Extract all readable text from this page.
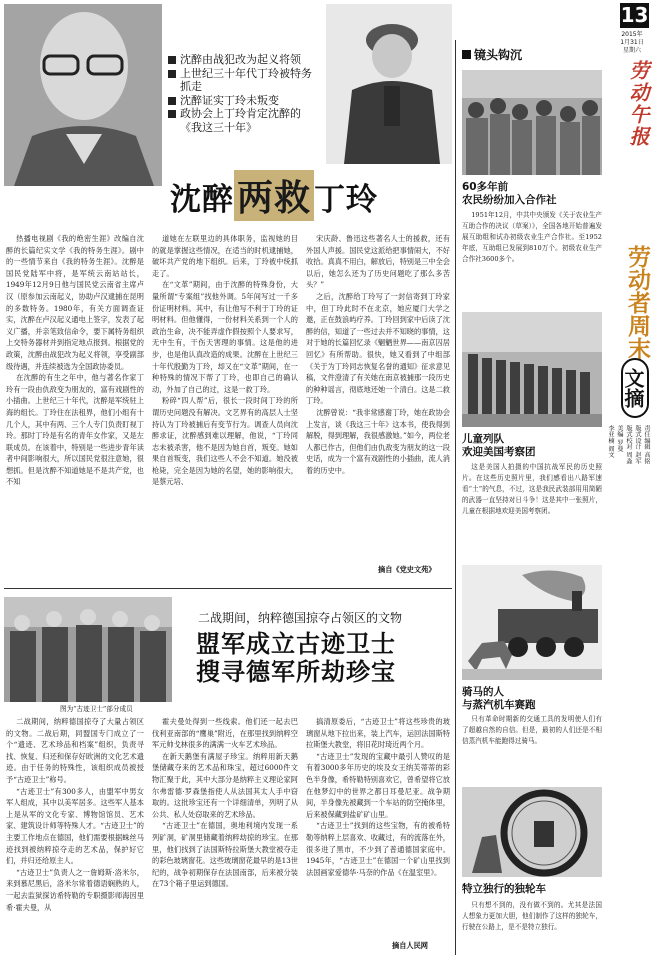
13
2015年
1月31日
星期六
劳动午报
劳动者周末
文摘
责任编辑 高铭
版式设计 赵军
版式校对 周淼
美编 罗曼
李亚楠 阎文
沈醉由战犯改为起义将领
上世纪三十年代丁玲被特务抓走
沈醉证实丁玲未叛变
政协会上丁玲肯定沈醉的《我这三十年》
沈醉两救丁玲

热播电视剧《我的绝密生涯》改编自沈醉的长篇纪实文学《我的特务生涯》。剧中的一些情节来自《我的特务生涯》。沈醉是国民党陆军中将，是军统云南站站长，1949年12月9日他与国民党云南省主席卢汉（原参加云南起义，协助卢汉逮捕在昆明的多数特务。1980年，有关方面调查证实，沈醉在卢汉起义通电上签字，发表了起义广播，并亲笔致信命令，要下属特务组织上交特务器材并到指定地点报到。根据党的政策，沈醉由战犯改为起义将领，享受副部级待遇，并连续被选为全国政协委员。

在沈醉的有生之年中，他与著名作家丁玲有一段由仇敌变为朋友的，富有戏剧性的小插曲。上世纪三十年代，沈醉是军统驻上海的组长。丁玲住在法租界，他们小组有十几个人，其中有两、三个人专门负责盯视丁玲。那时丁玲是有名的青年女作家，又是左联成员。在该着中，特别是一些进步青年读者中间影响很大，所以国民党很注意她，很想抓。但是沈醉不知道她是不是共产党，也不知

道她在左联里边的具体职务，监视她的目的就是掌握这些情况，在适当的时机逮捕她，破坏共产党的地下组织。后来，丁玲被中统抓走了。

在“文革”期间，由于沈醉的特殊身份，大量所谓“专案组”找他外调。5年间写过一千多份证明材料。其中，有让他写不利于丁玲的证明材料。但他懂得，一份材料关系到一个人的政治生命，决不能弄虚作假按照个人要求写，无中生有，干伤天害理的事情。这是他的进步，也是他认真改造的成果。沈醉在上世纪三十年代殷勤为丁玲，却又在“文革”期间，在一种特殊的情况下帮了丁玲，也即自己的确认动，外加了自己的过，这是一救丁玲。

粉碎“四人帮”后，很长一段时间丁玲的所谓历史问题没有解决。文艺界有的高层人士坚持认为丁玲被捕后有变节行为。调查人员向沈醉求证，沈醉感到难以理解，他说，“丁玲同志未被杀害，他不是因为她自首，叛变。她如果自首叛变，我们这些人不会不知道。她没被枪毙，完全是因为她的名望，她的影响很大，是蔡元培、

宋庆龄、鲁迅这些著名人士的援救，还有外国人声援。国民党这派给把事情闹大，不好收拾。真真不用白，解放后，特别是三中全会以后，她怎么还为了历史问题吃了那么多苦头？”

之后，沈醉给丁玲写了一封信寄到丁玲家中，但丁玲此时不在北京，她应厦门大学之邀，正在鼓浪屿疗养。丁玲回到家中后读了沈醉的信，知道了一些过去并不知晓的事情，这对于她的长篇回忆录《魍魉世界——南京囚居回忆》有所帮助。很快，她又看到了中组部《关于为丁玲同志恢复名誉的通知》征求意见稿，文件澄清了有关她在南京被捕那一段历史的种种谣言，彻底地还她一个清白。这是二救丁玲。

沈醉曾说：“我非常感谢丁玲，她在政协会上发言，谈《我这三十年》这本书，使我得到解脱，得到理解，我很感激她。”如今，两位老人都已作古，但他们由仇敌变为朋友的这一段史话，成为一个富有戏剧性的小插曲，流人消着的历史中。

摘自《党史文苑》
镜头钩沉
60多年前
农民纷纷加入合作社

1951年12月，中共中央颁发《关于农业生产互助合作的决议（草案）》，全国各地开始普遍发展互助组和试办初级农业生产合作社。至1952年底，互助组已发展到810万个。初级农业生产合作社3600多个。

儿童列队
欢迎美国考察团

这是美国人拍摄的中国抗战军民的历史照片。在这些历史照片里，我们感看出八路军速看“土”的气息，不过，这是我民武装部用用简陋的武器一直坚持对日斗争！这是其中一张照片，儿童在根据地欢迎美国考察团。

骑马的人
与蒸汽机车赛跑

只有革命时期新的交通工具的发明使人们有了超越自然的自信。但是，最初的人们还是不相信蒸汽机车能跑得过骑马。

特立独行的独轮车

只有想不到的，没有做不到的。尤其是法国人想象力更加大胆，他们制作了这样的独轮车，行驶在公路上，是不是特立独行。

图为“古迹卫士”部分成员
二战期间，纳粹德国掠夺占领区的文物
盟军成立古迹卫士
搜寻德军所劫珍宝

二战期间，纳粹德国掠夺了大量占领区的文物。二战后期，同盟国专门成立了一个“遗迹、艺术珍品和档案”组织，负责寻找、恢复、归还和保存好欧洲的文化艺术遗迹。由于任务的特殊性，该组织成员被授予“古迹卫士”称号。

“古迹卫士”有300多人，由盟军中男女军人组成，其中以美军居多。这些军人基本上是从军的文化专家、博物馆馆员、艺术家、建筑设计师等特殊人才。“古迹卫士”的主要工作地点在德国，他们需要根据蛛丝马迹找到被纳粹掠夺走的艺术品，保护好它们，并归还给原主人。

“古迹卫士”负责人之一詹姆斯·洛米尔，来到慕尼黑后，洛米尔常着德语娴熟的人，一起去监狱探访希特勒的专职摄影师海因里希·霍夫曼，从

霍夫曼处得到一些线索。他们还一起去巴伐利亚南部的“鹰巢”附近，在那里找到纳粹空军元帅戈林很多的满满一火车艺术珍品。

在新天鹅堡有满屋子珍宝。纳粹用新天鹅堡储藏夺来的艺术品和珠宝，超过6000件文物汇聚于此，其中大部分是纳粹主义理论家阿尔弗雷德·罗森堡指使人从法国其太人手中窃取的。这批珍宝还有一个详细清单，列明了从公共、私人处窃取来的艺术珍品。

“古迹卫士”在德国，奥地利境内发现一系列矿洞，矿洞里储藏着纳粹劫掠的珍宝。在那里，他们找到了法国斯特拉斯堡大教堂被夺走的彩色玻璃窗花。这些玻璃窗花最早的是13世纪的，战争初期保存在法国南部，后来被分装在73个箱子里运到德国。

搞清原委后，“古迹卫士”将这些珍贵的玻璃窗从地下拉出来，装上汽车，运回法国斯特拉斯堡大教堂，将旧花时琦近两个月。

“古迹卫士”发现的宝藏中最引人赞叹的是有着3000多年历史的埃及女王纳芙蒂蒂的彩色半身像，希特勒特别喜欢它，曾希望将它放在他梦幻中的世界之都日耳曼尼亚。战争期间，半身像先被藏到一个车站的防空掩体里，后来被保藏到盐矿矿山里。

“古迹卫士”找到的这些宝物，有的被希特勒等纳粹上层喜欢、收藏过，有的流落在外，很多进了黑市，不少到了普通德国家庭中。1945年，“古迹卫士”在德国一个矿山里找到法国画家爱德华·马奈的作品《在温室里》。

摘自人民网
